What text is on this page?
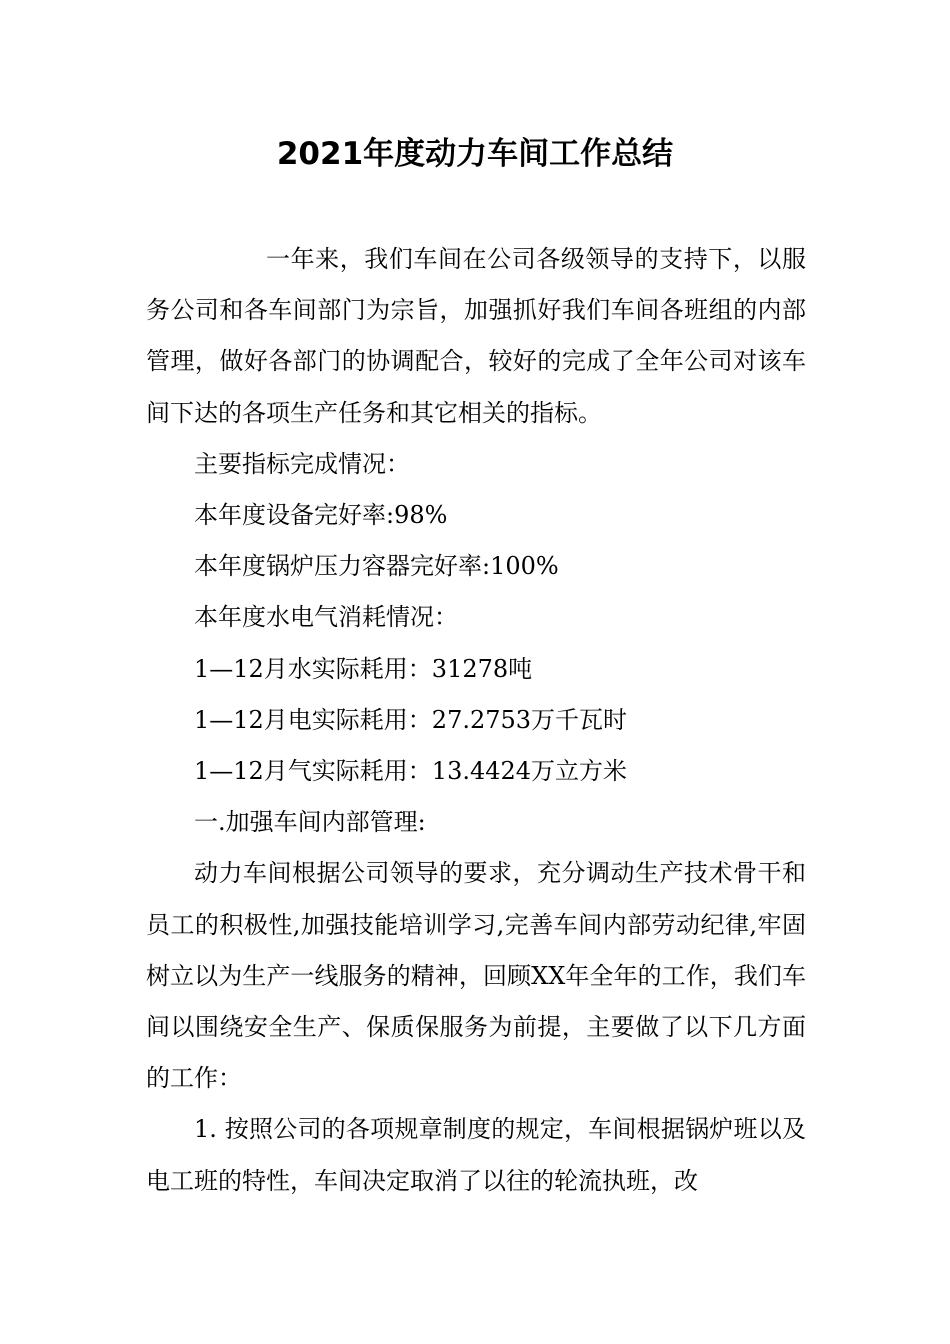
2021年度动力车间工作总结

一年来，我们车间在公司各级领导的支持下，以服务公司和各车间部门为宗旨，加强抓好我们车间各班组的内部管理，做好各部门的协调配合，较好的完成了全年公司对该车间下达的各项生产任务和其它相关的指标。

主要指标完成情况：

本年度设备完好率:98%

本年度锅炉压力容器完好率:100%

本年度水电气消耗情况：

1—12月水实际耗用：31278吨

1—12月电实际耗用：27.2753万千瓦时

1—12月气实际耗用：13.4424万立方米

一.加强车间内部管理:

动力车间根据公司领导的要求，充分调动生产技术骨干和员工的积极性,加强技能培训学习,完善车间内部劳动纪律,牢固树立以为生产一线服务的精神，回顾XX年全年的工作，我们车间以围绕安全生产、保质保服务为前提，主要做了以下几方面的工作：

1. 按照公司的各项规章制度的规定，车间根据锅炉班以及电工班的特性，车间决定取消了以往的轮流执班，改
